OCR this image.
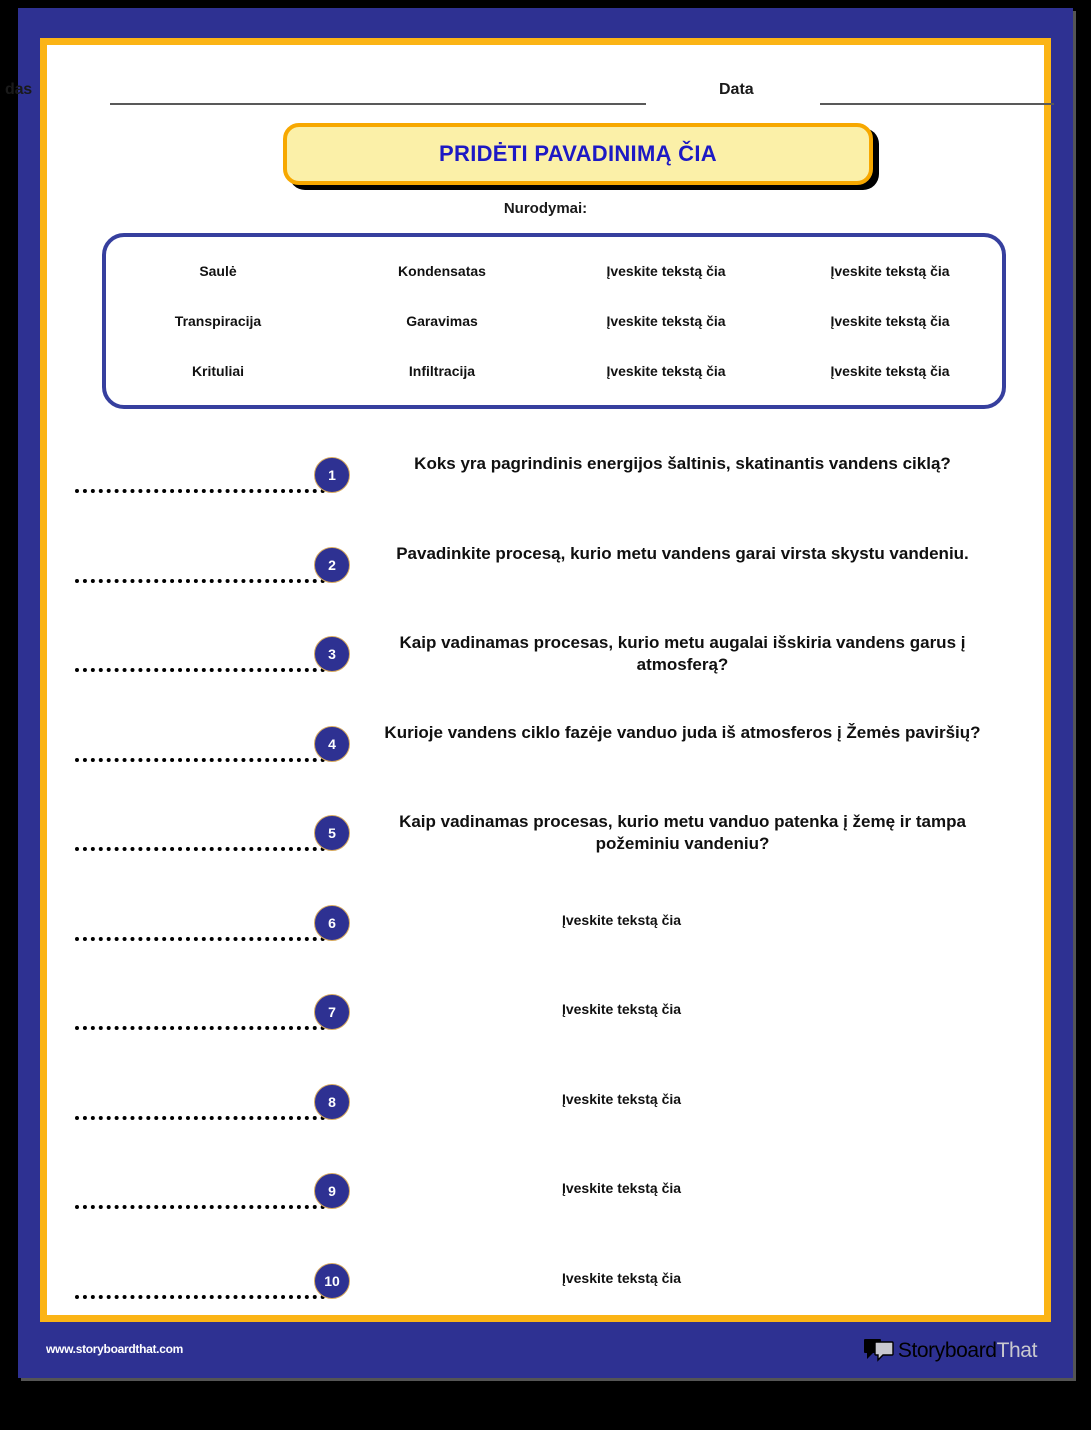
das	Data
PRIDĖTI PAVADINIMĄ ČIA
Nurodymai:
Saulė	Kondensatas	Įveskite tekstą čia	Įveskite tekstą čia
Transpiracija	Garavimas	Įveskite tekstą čia	Įveskite tekstą čia
Krituliai	Infiltracija	Įveskite tekstą čia	Įveskite tekstą čia
1
Koks yra pagrindinis energijos šaltinis, skatinantis vandens ciklą?
2
Pavadinkite procesą, kurio metu vandens garai virsta skystu vandeniu.
3
Kaip vadinamas procesas, kurio metu augalai išskiria vandens garus į atmosferą?
4
Kurioje vandens ciklo fazėje vanduo juda iš atmosferos į Žemės paviršių?
5
Kaip vadinamas procesas, kurio metu vanduo patenka į žemę ir tampa požeminiu vandeniu?
6	Įveskite tekstą čia
7	Įveskite tekstą čia
8	Įveskite tekstą čia
9	Įveskite tekstą čia
10	Įveskite tekstą čia
www.storyboardthat.com	StoryboardThat
